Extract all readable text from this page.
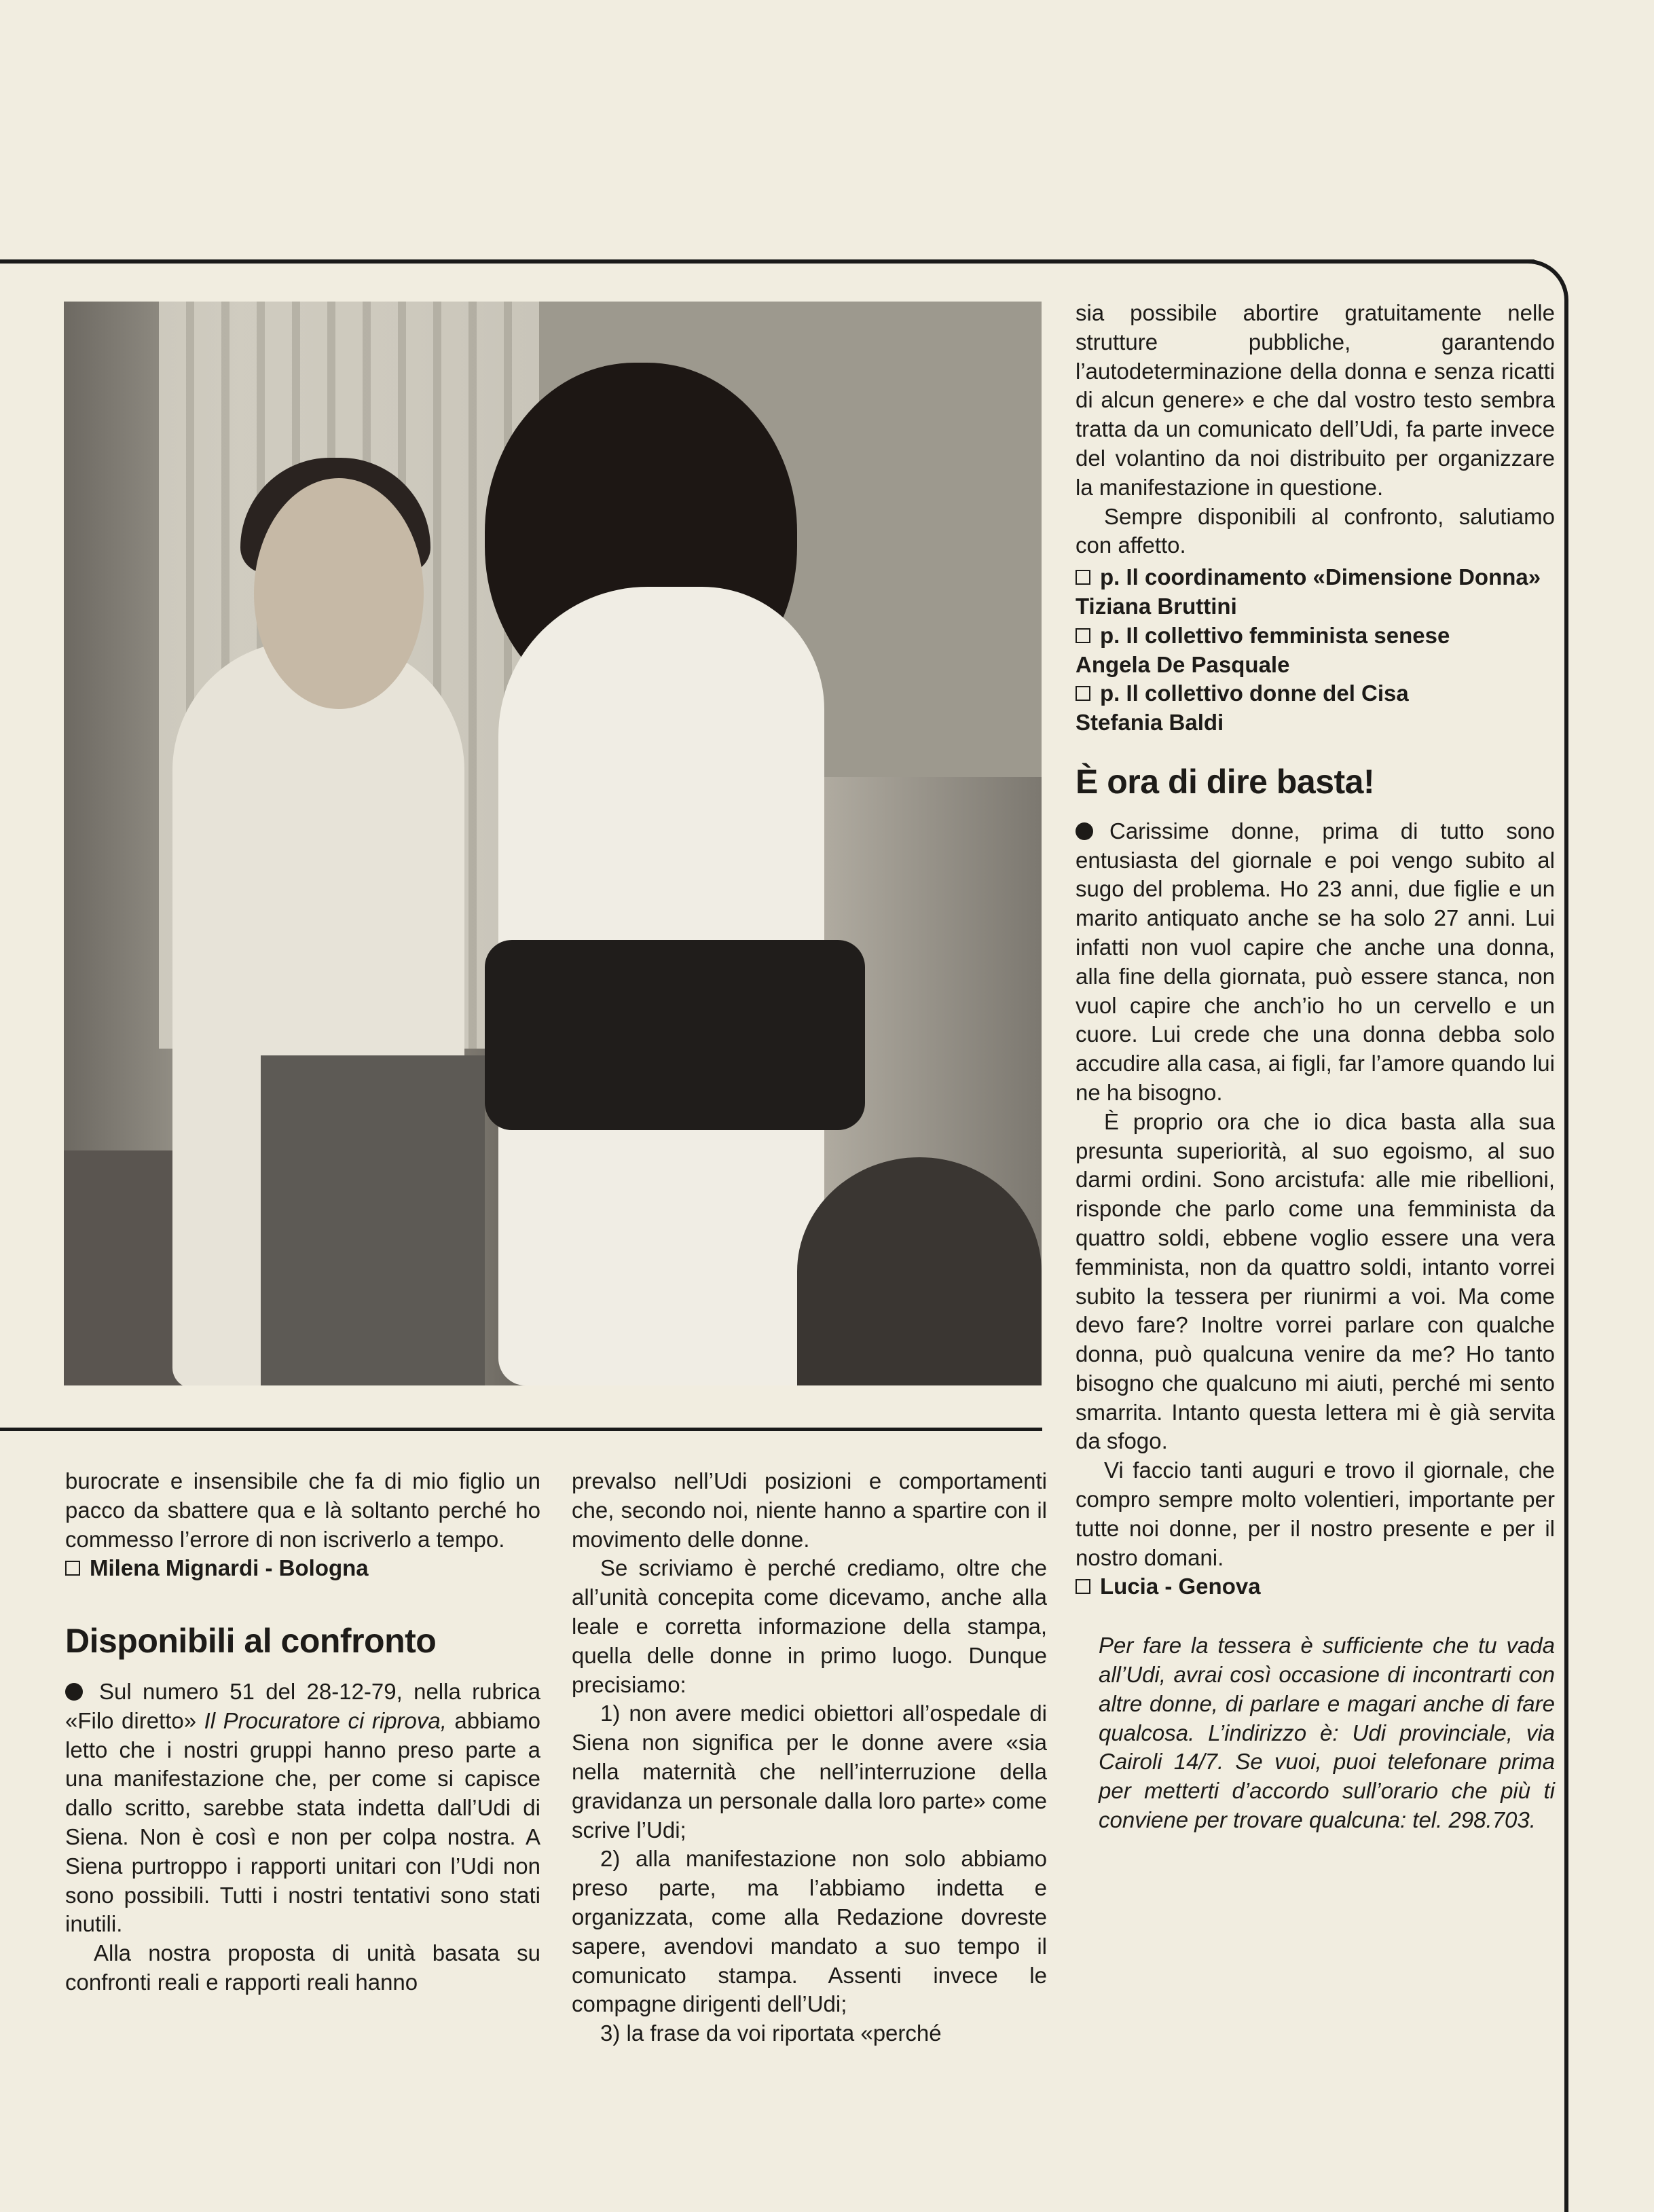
sia possibile abortire gratuitamente nelle strutture pubbliche, garantendo l’autodeterminazione della donna e senza ricatti di alcun genere» e che dal vostro testo sembra tratta da un comunicato dell’Udi, fa parte invece del volantino da noi distribuito per organizzare la manifestazione in questione.

Sempre disponibili al confronto, salutiamo con affetto.

p. Il coordinamento «Dimensione Donna»

Tiziana Bruttini

p. Il collettivo femminista senese

Angela De Pasquale

p. Il collettivo donne del Cisa

Stefania Baldi

È ora di dire basta!

Carissime donne, prima di tutto sono entusiasta del giornale e poi vengo subito al sugo del problema. Ho 23 anni, due figlie e un marito antiquato anche se ha solo 27 anni. Lui infatti non vuol capire che anche una donna, alla fine della giornata, può essere stanca, non vuol capire che anch’io ho un cervello e un cuore. Lui crede che una donna debba solo accudire alla casa, ai figli, far l’amore quando lui ne ha bisogno.

È proprio ora che io dica basta alla sua presunta superiorità, al suo egoismo, al suo darmi ordini. Sono arcistufa: alle mie ribellioni, risponde che parlo come una femminista da quattro soldi, ebbene voglio essere una vera femminista, non da quattro soldi, intanto vorrei subito la tessera per riunirmi a voi. Ma come devo fare? Inoltre vorrei parlare con qualche donna, può qualcuna venire da me? Ho tanto bisogno che qualcuno mi aiuti, perché mi sento smarrita. Intanto questa lettera mi è già servita da sfogo.

Vi faccio tanti auguri e trovo il giornale, che compro sempre molto volentieri, importante per tutte noi donne, per il nostro presente e per il nostro domani.

Lucia - Genova

Per fare la tessera è sufficiente che tu vada all’Udi, avrai così occasione di incontrarti con altre donne, di parlare e magari anche di fare qualcosa. L’indirizzo è: Udi provinciale, via Cairoli 14/7. Se vuoi, puoi telefonare prima per metterti d’accordo sull’orario che più ti conviene per trovare qualcuna: tel. 298.703.

burocrate e insensibile che fa di mio figlio un pacco da sbattere qua e là soltanto perché ho commesso l’errore di non iscriverlo a tempo.

Milena Mignardi - Bologna

Disponibili al confronto

Sul numero 51 del 28-12-79, nella rubrica «Filo diretto» Il Procuratore ci riprova, abbiamo letto che i nostri gruppi hanno preso parte a una manifestazione che, per come si capisce dallo scritto, sarebbe stata indetta dall’Udi di Siena. Non è così e non per colpa nostra. A Siena purtroppo i rapporti unitari con l’Udi non sono possibili. Tutti i nostri tentativi sono stati inutili.

Alla nostra proposta di unità basata su confronti reali e rapporti reali hanno

prevalso nell’Udi posizioni e comportamenti che, secondo noi, niente hanno a spartire con il movimento delle donne.

Se scriviamo è perché crediamo, oltre che all’unità concepita come dicevamo, anche alla leale e corretta informazione della stampa, quella delle donne in primo luogo. Dunque precisiamo:

1) non avere medici obiettori all’ospedale di Siena non significa per le donne avere «sia nella maternità che nell’interruzione della gravidanza un personale dalla loro parte» come scrive l’Udi;

2) alla manifestazione non solo abbiamo preso parte, ma l’abbiamo indetta e organizzata, come alla Redazione dovreste sapere, avendovi mandato a suo tempo il comunicato stampa. Assenti invece le compagne dirigenti dell’Udi;

3) la frase da voi riportata «perché
